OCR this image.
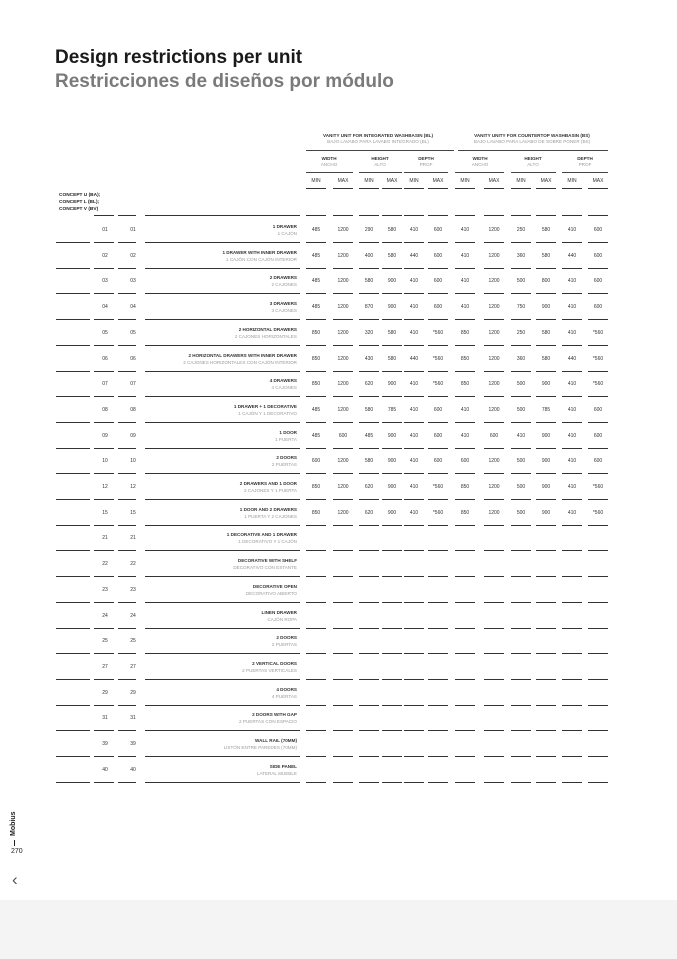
Design restrictions per unit
Restricciones de diseños por módulo
VANITY UNIT FOR INTEGRATED WASHBASIN (BL)
BAJO LAVABO PARA LAVABO INTEGRADO (BL)
VANITY UNITY FOR COUNTERTOP WASHBASIN (BS)
BAJO LAVABO PARA LAVABO DE SOBRE PONER (BS)
WIDTH
ANCHO
HEIGHT
ALTO
DEPTH
PROF
WIDTH
ANCHO
HEIGHT
ALTO
DEPTH
PROF
MIN	MAX	MIN	MAX	MIN	MAX	MIN	MAX	MIN	MAX	MIN	MAX
01	01
1 DRAWER
1 CAJÓN
485	1200	290	580	410	600	410	1200	250	580	410	600
02	02
1 DRAWER WITH INNER DRAWER
1 CAJÓN CON CAJÓN INTERIOR
485	1200	400	580	440	600	410	1200	360	580	440	600
03	03
2 DRAWERS
2 CAJONES
485	1200	580	900	410	600	410	1200	500	800	410	600
04	04
3 DRAWERS
3 CAJONES
485	1200	870	900	410	600	410	1200	750	900	410	600
05	05
2 HORIZONTAL DRAWERS
2 CAJONES HORIZONTALES
850	1200	320	580	410	*560	850	1200	250	580	410	*560
06	06
2 HORIZONTAL DRAWERS WITH INNER DRAWER
2 CAJONES HORIZONTALES CON CAJÓN INTERIOR
850	1200	430	580	440	*560	850	1200	360	580	440	*560
07	07
4 DRAWERS
4 CAJONES
850	1200	620	900	410	*560	850	1200	500	900	410	*560
08	08
1 DRAWER + 1 DECORATIVE
1 CAJÓN Y 1 DECORATIVO
485	1200	580	785	410	600	410	1200	500	785	410	600
09	09
1 DOOR
1 PUERTA
485	600	485	900	410	600	410	600	410	900	410	600
10	10
2 DOORS
2 PUERTAS
600	1200	580	900	410	600	600	1200	500	900	410	600
12	12
2 DRAWERS AND 1 DOOR
2 CAJONES Y 1 PUERTA
850	1200	620	900	410	*560	850	1200	500	900	410	*560
15	15
1 DOOR AND 2 DRAWERS
1 PUERTA Y 2 CAJONES
850	1200	620	900	410	*560	850	1200	500	900	410	*560
21	21
1 DECORATIVE AND 1 DRAWER
1 DECORATIVO Y 1 CAJÓN
22	22
DECORATIVE WITH SHELF
DECORATIVO CON ESTANTE
23	23
DECORATIVE OPEN
DECORATIVO ABIERTO
24	24
LINEN DRAWER
CAJÓN ROPA
25	25
2 DOORS
2 PUERTAS
27	27
2 VERTICAL DOORS
2 PUERTAS VERTICALES
29	29
4 DOORS
4 PUERTAS
31	31
2 DOORS WITH GAP
2 PUERTAS CON ESPACIO
39	39
WALL RAIL (70MM)
LISTÓN ENTRE PAREDES (70MM)
40	40
SIDE PANEL
LATERAL MUEBLE
CONCEPT U (BA);
CONCEPT L (BL);
CONCEPT V (BV)
Mobius
270
‹
